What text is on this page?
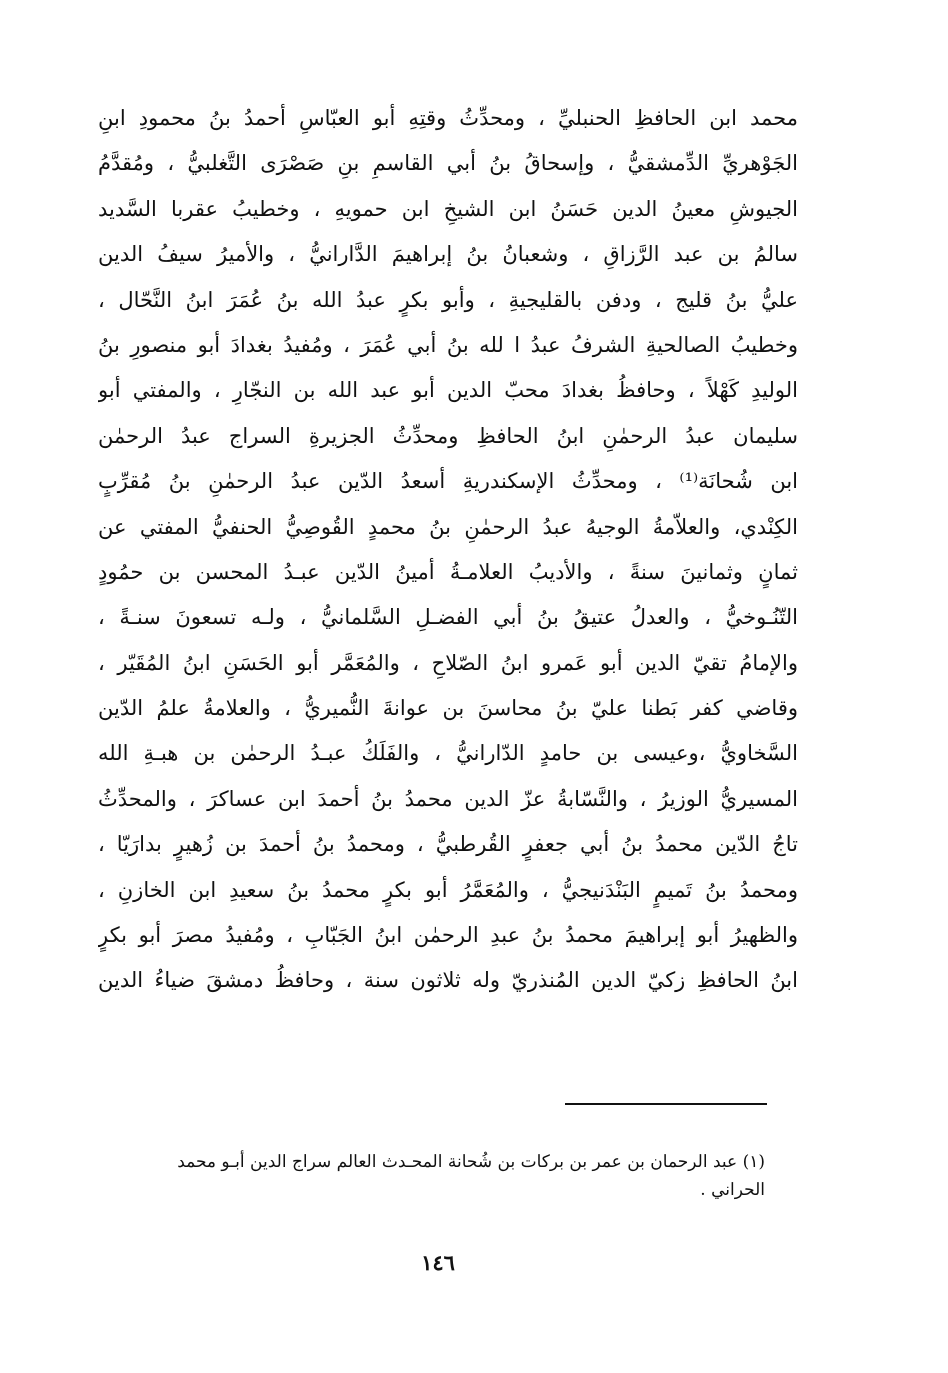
محمد ابن الحافظِ الحنبليِّ ، ومحدِّثُ وقتِهِ أبو العبّاسِ أحمدُ بنُ محمودِ ابنِ
الجَوْهريِّ الدِّمشقيُّ ، وإسحاقُ بنُ أبي القاسمِ بنِ صَصْرَى التَّغلبيُّ ، ومُقدَّمُ
الجيوشِ معينُ الدين حَسَنُ ابن الشيخِ ابن حمويهِ ، وخطيبُ عقربا السَّديد
سالمُ بن عبد الرَّزاقِ ، وشعبانُ بنُ إبراهيمَ الدَّارانيُّ ، والأميرُ سيفُ الدين
عليُّ بنُ قليج ، ودفن بالقليجيةِ ، وأبو بكرٍ عبدُ الله بنُ عُمَرَ ابنُ النَّحّال ،
وخطيبُ الصالحيةِ الشرفُ عبدُ ا لله بنُ أبي عُمَرَ ، ومُفيدُ بغدادَ أبو منصورِ بنُ
الوليدِ كَهْلاً ، وحافظُ بغدادَ محبّ الدين أبو عبد الله بن النجّارِ ، والمفتي أبو
سليمان عبدُ الرحمٰنِ ابنُ الحافظِ ومحدِّثُ الجزيرةِ السراج عبدُ الرحمٰن
ابن شُحانَة⁽¹⁾ ، ومحدِّثُ الإسكندريةِ أسعدُ الدّين عبدُ الرحمٰنِ بنُ مُقرِّبٍ
الكِنْدي، والعلاّمةُ الوجيهُ عبدُ الرحمٰنِ بنُ محمدٍ القُوصِيُّ الحنفيُّ المفتي عن
ثمانٍ وثمانينَ سنةً ، والأديبُ العلامـةُ أمينُ الدّين عبـدُ المحسن بن حمُودٍ
التّنُـوخيُّ ، والعدلُ عتيقُ بنُ أبي الفضـلِ السَّلمانيُّ ، ولـه تسعونَ سنـةً ،
والإمامُ تقيّ الدين أبو عَمرو ابنُ الصّلاحِ ، والمُعَمَّر أبو الحَسَنِ ابنُ المُقَيّر ،
وقاضي كفر بَطنا عليّ بنُ محاسنَ بن عوانةَ النُّميريُّ ، والعلامةُ علمُ الدّين
السَّخاويُّ ،وعيسى بن حامدٍ الدّارانيُّ ، والفَلَكُ عبـدُ الرحمٰن بن هبـةِ الله
المسيريُّ الوزيرُ ، والنَّسّابةُ عزّ الدين محمدُ بنُ أحمدَ ابن عساكرَ ، والمحدِّثُ
تاجُ الدّين محمدُ بنُ أبي جعفرٍ القُرطبيُّ ، ومحمدُ بنُ أحمدَ بن زُهيرٍ بدارَيّا ،
ومحمدُ بنُ تَميمٍ البَنْدَنيجيُّ ، والمُعَمَّرُ أبو بكرٍ محمدُ بنُ سعيدِ ابن الخازنِ ،
والظهيرُ أبو إبراهيمَ محمدُ بنُ عبدِ الرحمٰن ابنُ الجَبّابِ ، ومُفيدُ مصرَ أبو بكرٍ
ابنُ الحافظِ زكيّ الدين المُنذريّ وله ثلاثون سنة ، وحافظُ دمشقَ ضياءُ الدين
(١) عبد الرحمان بن عمر بن بركات بن شُحانة المحـدث العالم سراج الدين أبـو محمد
الحراني .
١٤٦
